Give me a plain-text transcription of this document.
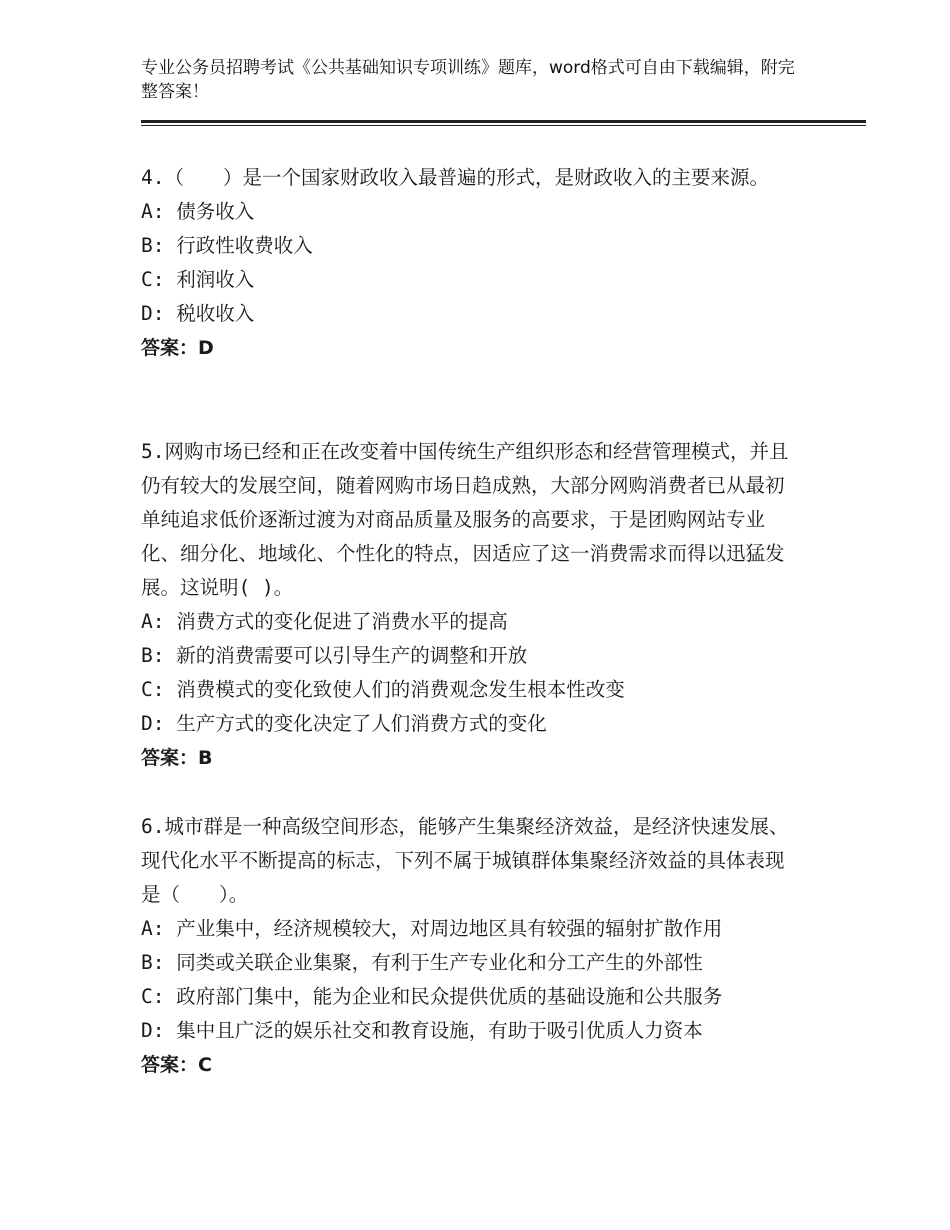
专业公务员招聘考试《公共基础知识专项训练》题库，word格式可自由下载编辑，附完整答案！

4.（　　）是一个国家财政收入最普遍的形式，是财政收入的主要来源。

A: 债务收入

B: 行政性收费收入

C: 利润收入

D: 税收收入

答案：D

5.网购市场已经和正在改变着中国传统生产组织形态和经营管理模式，并且仍有较大的发展空间，随着网购市场日趋成熟，大部分网购消费者已从最初单纯追求低价逐渐过渡为对商品质量及服务的高要求，于是团购网站专业化、细分化、地域化、个性化的特点，因适应了这一消费需求而得以迅猛发展。这说明( )。

A: 消费方式的变化促进了消费水平的提高

B: 新的消费需要可以引导生产的调整和开放

C: 消费模式的变化致使人们的消费观念发生根本性改变

D: 生产方式的变化决定了人们消费方式的变化

答案：B

6.城市群是一种高级空间形态，能够产生集聚经济效益，是经济快速发展、现代化水平不断提高的标志，下列不属于城镇群体集聚经济效益的具体表现是（　　）。

A: 产业集中，经济规模较大，对周边地区具有较强的辐射扩散作用

B: 同类或关联企业集聚，有利于生产专业化和分工产生的外部性

C: 政府部门集中，能为企业和民众提供优质的基础设施和公共服务

D: 集中且广泛的娱乐社交和教育设施，有助于吸引优质人力资本

答案：C
